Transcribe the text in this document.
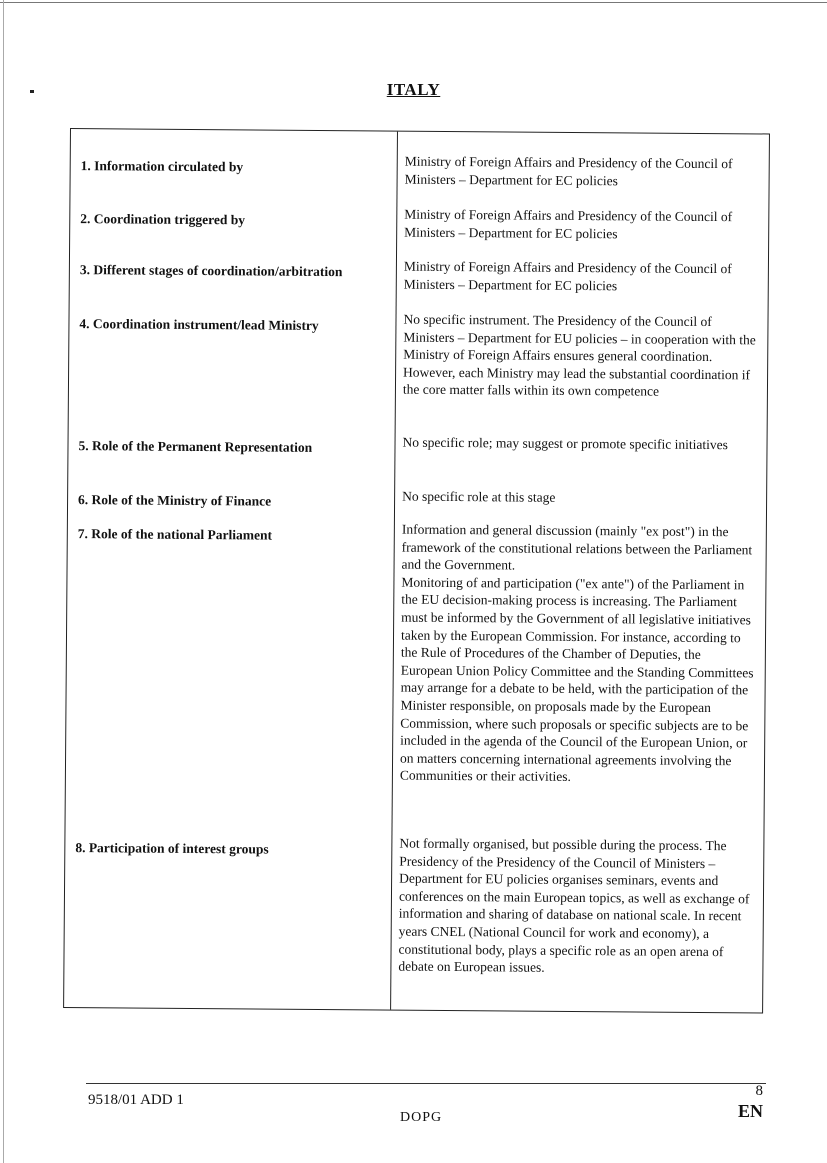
ITALY
1. Information circulated by	Ministry of Foreign Affairs and Presidency of the Council of Ministers – Department for EC policies
2. Coordination triggered by	Ministry of Foreign Affairs and Presidency of the Council of Ministers – Department for EC policies
3. Different stages of coordination/arbitration	Ministry of Foreign Affairs and Presidency of the Council of Ministers – Department for EC policies
4. Coordination instrument/lead Ministry	No specific instrument. The Presidency of the Council of Ministers – Department for EU policies – in cooperation with the Ministry of Foreign Affairs ensures general coordination. However, each Ministry may lead the substantial coordination if the core matter falls within its own competence
5. Role of the Permanent Representation	No specific role; may suggest or promote specific initiatives
6. Role of the Ministry of Finance	No specific role at this stage
7. Role of the national Parliament	Information and general discussion (mainly "ex post") in the framework of the constitutional relations between the Parliament and the Government.
Monitoring of and participation ("ex ante") of the Parliament in the EU decision-making process is increasing. The Parliament must be informed by the Government of all legislative initiatives taken by the European Commission. For instance, according to the Rule of Procedures of the Chamber of Deputies, the European Union Policy Committee and the Standing Committees may arrange for a debate to be held, with the participation of the Minister responsible, on proposals made by the European Commission, where such proposals or specific subjects are to be included in the agenda of the Council of the European Union, or on matters concerning international agreements involving the Communities or their activities.
8. Participation of interest groups	Not formally organised, but possible during the process. The Presidency of the Presidency of the Council of Ministers – Department for EU policies organises seminars, events and conferences on the main European topics, as well as exchange of information and sharing of database on national scale. In recent years CNEL (National Council for work and economy), a constitutional body, plays a specific role as an open arena of debate on European issues.
9518/01 ADD 1
DOPG
8
EN
